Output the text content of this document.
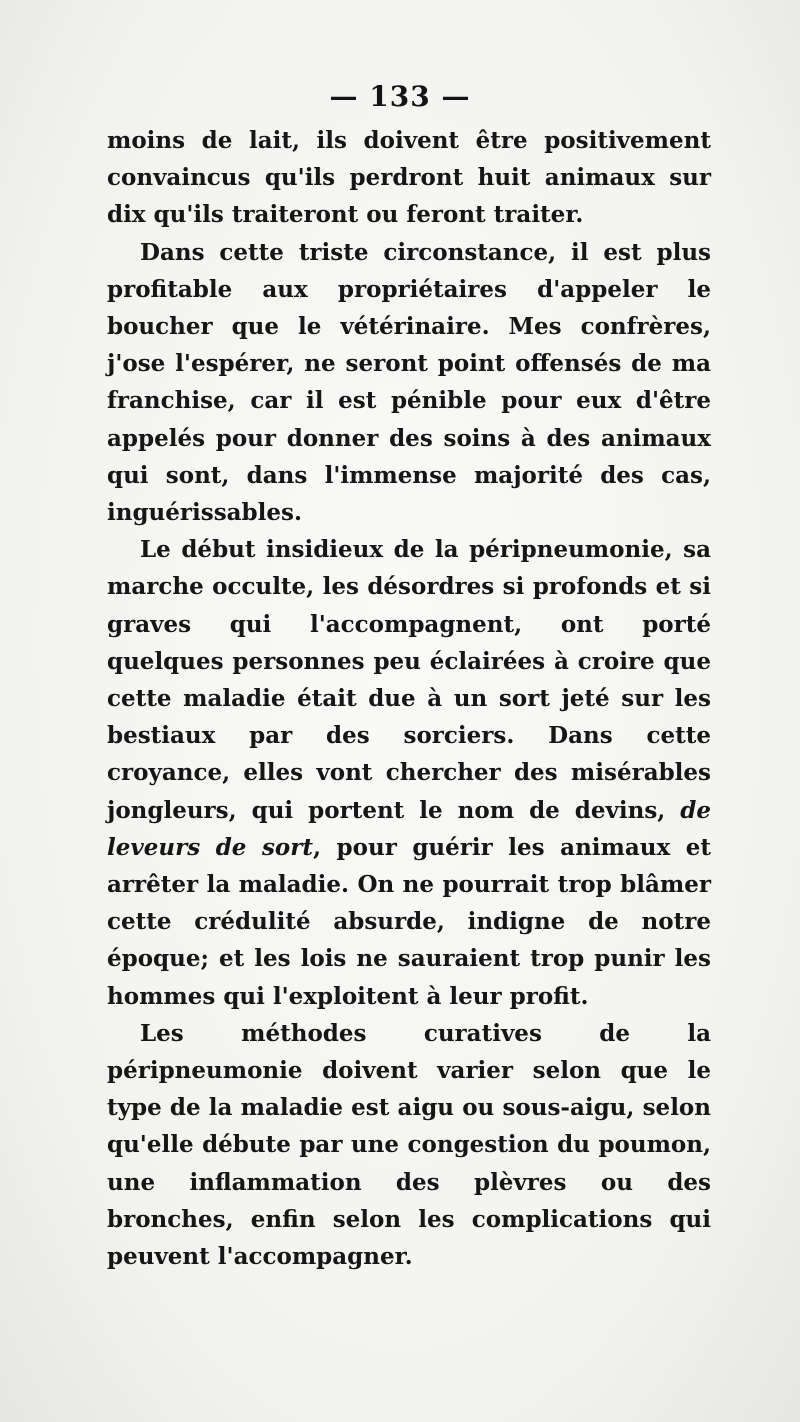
— 133 —

moins de lait, ils doivent être positivement convaincus qu'ils perdront huit animaux sur dix qu'ils traiteront ou feront traiter.

Dans cette triste circonstance, il est plus profitable aux propriétaires d'appeler le boucher que le vétérinaire. Mes confrères, j'ose l'espérer, ne seront point offensés de ma franchise, car il est pénible pour eux d'être appelés pour donner des soins à des animaux qui sont, dans l'immense majorité des cas, inguérissables.

Le début insidieux de la péripneumonie, sa marche occulte, les désordres si profonds et si graves qui l'accompagnent, ont porté quelques personnes peu éclairées à croire que cette maladie était due à un sort jeté sur les bestiaux par des sorciers. Dans cette croyance, elles vont chercher des misérables jongleurs, qui portent le nom de devins, de leveurs de sort, pour guérir les animaux et arrêter la maladie. On ne pourrait trop blâmer cette crédulité absurde, indigne de notre époque; et les lois ne sauraient trop punir les hommes qui l'exploitent à leur profit.

Les méthodes curatives de la péripneumonie doivent varier selon que le type de la maladie est aigu ou sous-aigu, selon qu'elle débute par une congestion du poumon, une inflammation des plèvres ou des bronches, enfin selon les complications qui peuvent l'accompagner.
